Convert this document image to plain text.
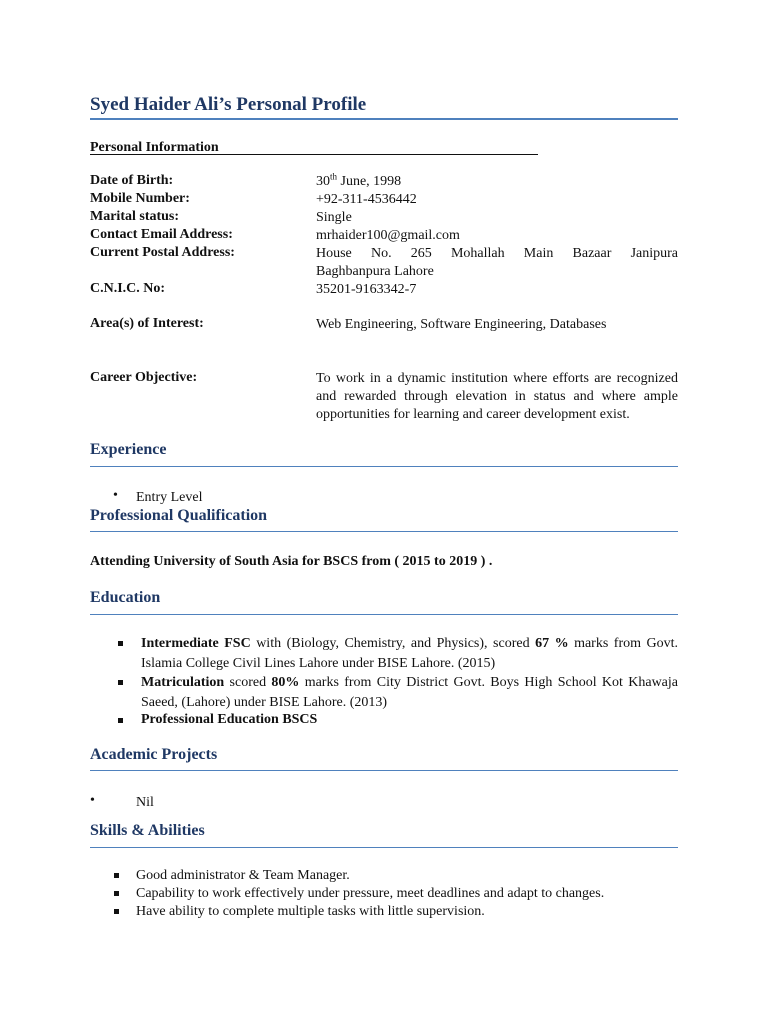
Syed Haider Ali’s Personal Profile
Personal Information
Date of Birth:	30th June, 1998
Mobile Number:	+92-311-4536442
Marital status:	Single
Contact Email Address:	mrhaider100@gmail.com
Current Postal Address:	House No. 265 Mohallah Main Bazaar Janipura
Baghbanpura Lahore
C.N.I.C. No:	35201-9163342-7
Area(s) of Interest:	Web Engineering, Software Engineering, Databases
Career Objective:	To work in a dynamic institution where efforts are recognized and rewarded through elevation in status and where ample opportunities for learning and career development exist.
Experience
• Entry Level
Professional Qualification
Attending University of South Asia for BSCS from ( 2015 to 2019 ) .
Education
Intermediate FSC with (Biology, Chemistry, and Physics), scored 67 % marks from Govt. Islamia College Civil Lines Lahore under BISE Lahore. (2015)
Matriculation scored 80% marks from City District Govt. Boys High School Kot Khawaja Saeed, (Lahore) under BISE Lahore. (2013)
Professional Education BSCS
Academic Projects
•	Nil
Skills & Abilities
Good administrator & Team Manager.
Capability to work effectively under pressure, meet deadlines and adapt to changes.
Have ability to complete multiple tasks with little supervision.
